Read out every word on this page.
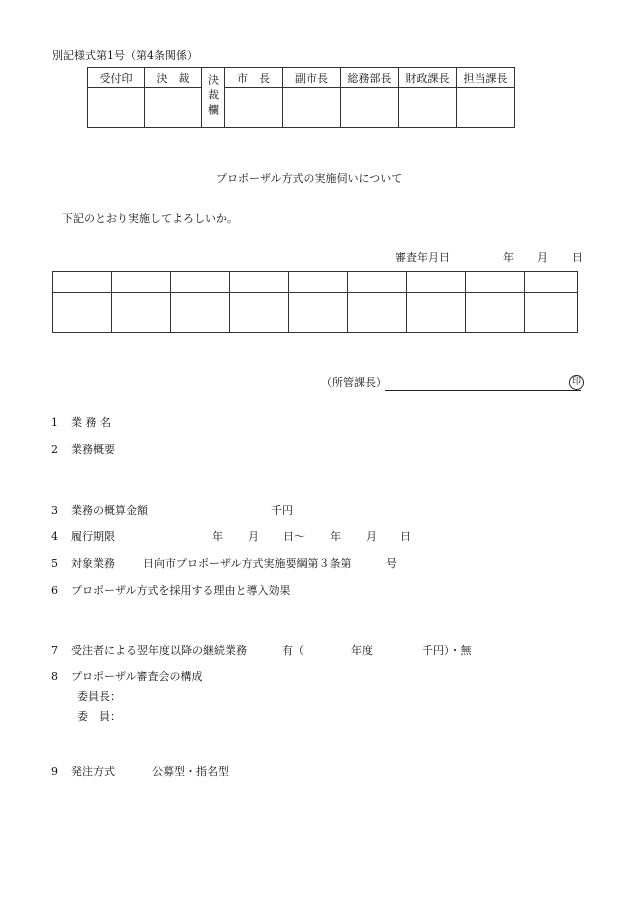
別記様式第1号（第4条関係）
受付印	決　裁	決裁欄	市　長	副市長	総務部長	財政課長	担当課長

プロポーザル方式の実施伺いについて
下記のとおり実施してよろしいか。
審査年月日	年 月 日

（所管課長）	印
1 業 務 名
2 業務概要
3 業務の概算金額	千円
4 履行期限	年 月 日～ 年 月 日
5 対象業務	日向市プロポーザル方式実施要綱第３条第	号
6 プロポーザル方式を採用する理由と導入効果
7 受注者による翌年度以降の継続業務	有（	年度	千円）・無
8 プロポーザル審査会の構成
委員長：
委　員：
9 発注方式	公募型・指名型
